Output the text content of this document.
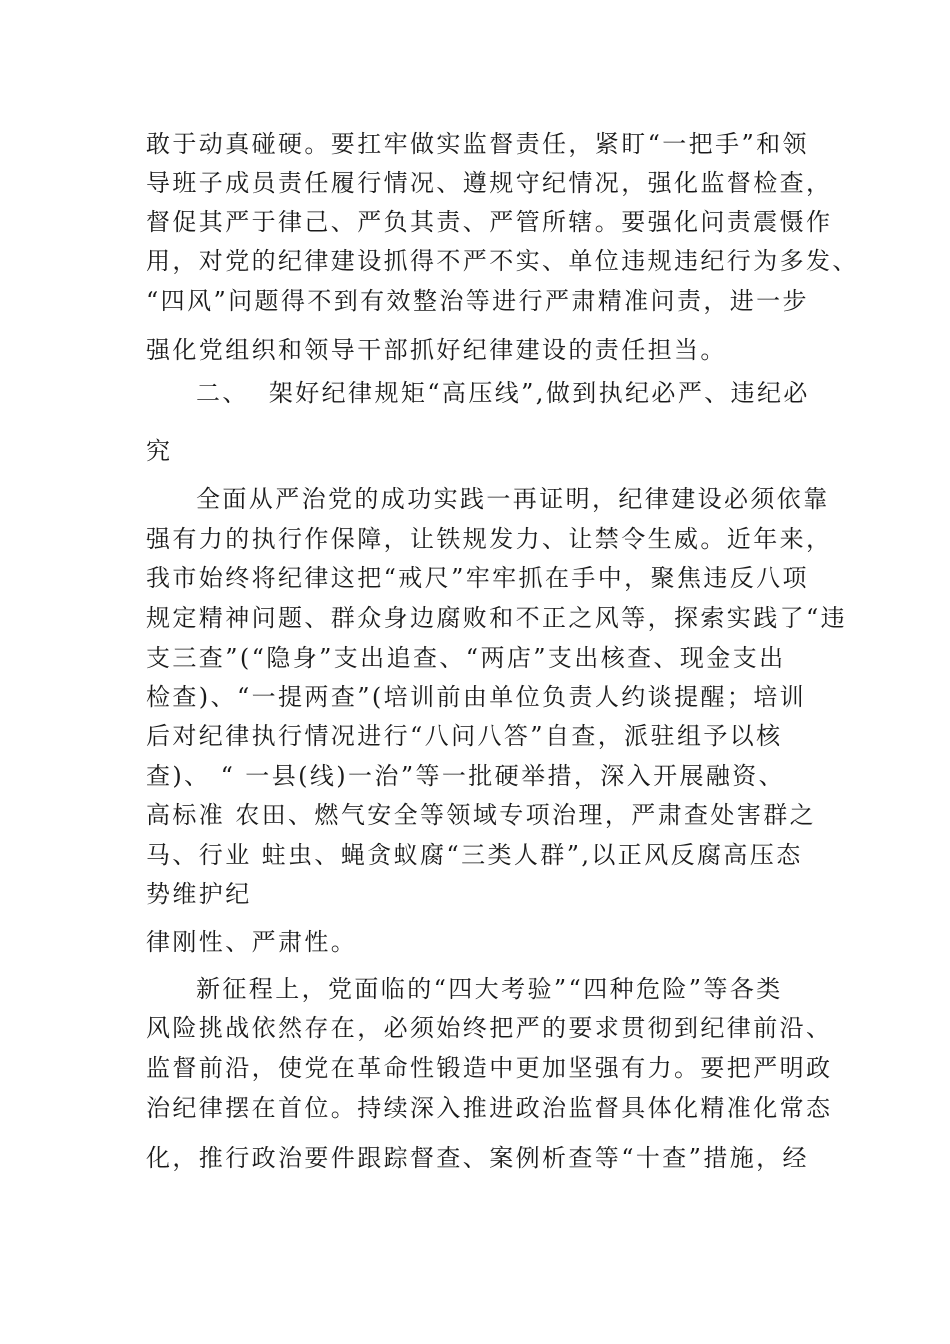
敢于动真碰硬。要扛牢做实监督责任，紧盯“一把手”和领

导班子成员责任履行情况、遵规守纪情况，强化监督检查，

督促其严于律己、严负其责、严管所辖。要强化问责震慑作

用，对党的纪律建设抓得不严不实、单位违规违纪行为多发、

“四风”问题得不到有效整治等进行严肃精准问责，进一步

强化党组织和领导干部抓好纪律建设的责任担当。

二、  架好纪律规矩“高压线”,做到执纪必严、违纪必

究

全面从严治党的成功实践一再证明，纪律建设必须依靠

强有力的执行作保障，让铁规发力、让禁令生威。近年来，

我市始终将纪律这把“戒尺”牢牢抓在手中，聚焦违反八项

规定精神问题、群众身边腐败和不正之风等，探索实践了“违

支三查”(“隐身”支出追查、“两店”支出核查、现金支出

检查)、“一提两查”(培训前由单位负责人约谈提醒；培训

后对纪律执行情况进行“八问八答”自查，派驻组予以核

查)、 “ 一县(线)一治”等一批硬举措，深入开展融资、

高标准 农田、燃气安全等领域专项治理，严肃查处害群之

马、行业 蛀虫、蝇贪蚁腐“三类人群”,以正风反腐高压态

势维护纪

律刚性、严肃性。

新征程上，党面临的“四大考验”“四种危险”等各类

风险挑战依然存在，必须始终把严的要求贯彻到纪律前沿、

监督前沿，使党在革命性锻造中更加坚强有力。要把严明政

治纪律摆在首位。持续深入推进政治监督具体化精准化常态

化，推行政治要件跟踪督查、案例析查等“十查”措施，经
